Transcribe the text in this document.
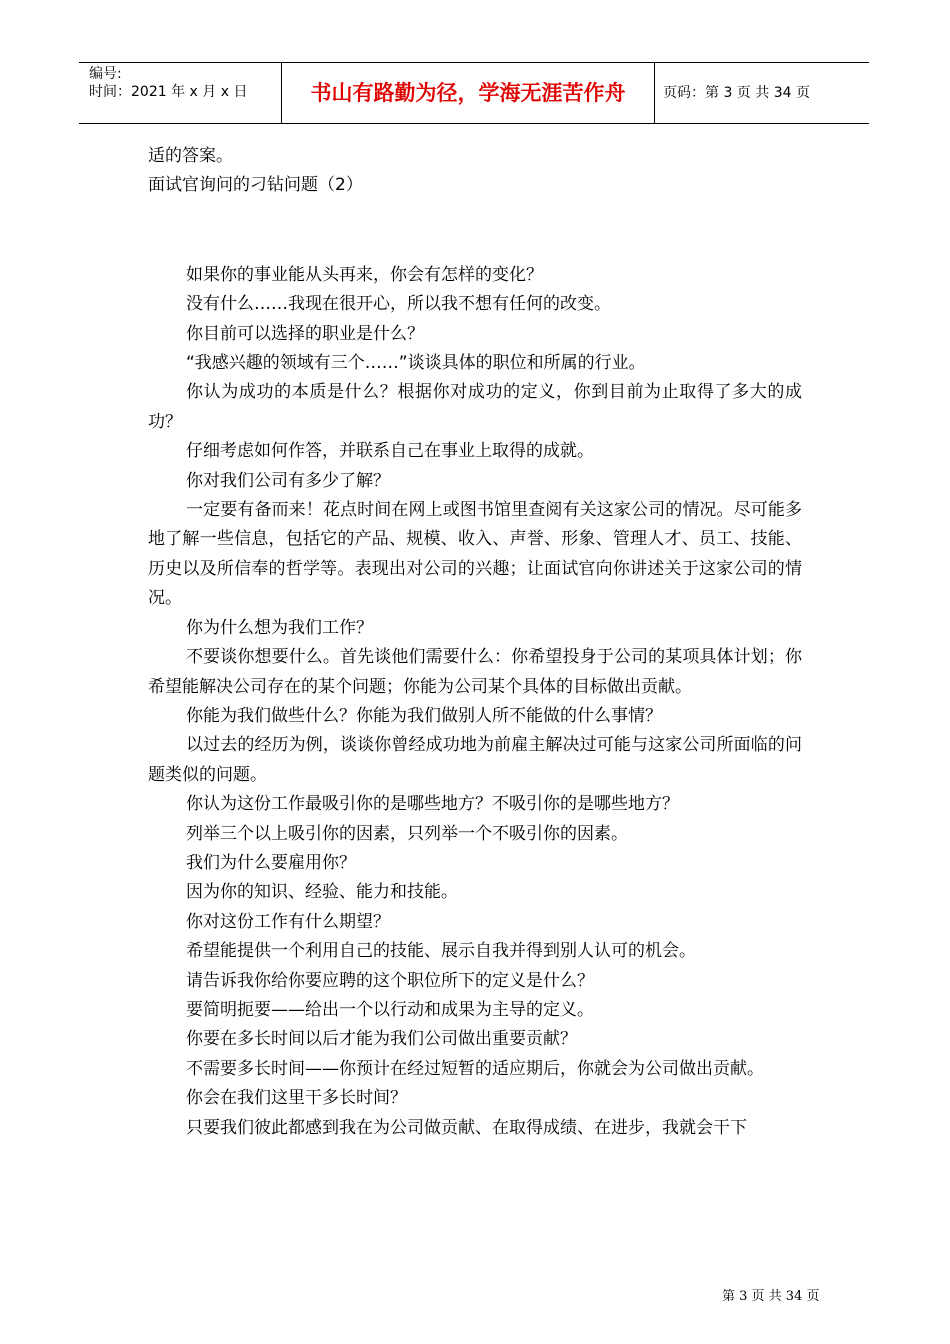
编号:
时间：2021 年 x 月 x 日	书山有路勤为径，学海无涯苦作舟	页码：第 3 页 共 34 页

适的答案。

面试官询问的刁钻问题（2）

如果你的事业能从头再来，你会有怎样的变化？

没有什么……我现在很开心，所以我不想有任何的改变。

你目前可以选择的职业是什么？

“我感兴趣的领域有三个……”谈谈具体的职位和所属的行业。

你认为成功的本质是什么？根据你对成功的定义，你到目前为止取得了多大的成功？

仔细考虑如何作答，并联系自己在事业上取得的成就。

你对我们公司有多少了解？

一定要有备而来！花点时间在网上或图书馆里查阅有关这家公司的情况。尽可能多地了解一些信息，包括它的产品、规模、收入、声誉、形象、管理人才、员工、技能、历史以及所信奉的哲学等。表现出对公司的兴趣；让面试官向你讲述关于这家公司的情况。

你为什么想为我们工作？

不要谈你想要什么。首先谈他们需要什么：你希望投身于公司的某项具体计划；你希望能解决公司存在的某个问题；你能为公司某个具体的目标做出贡献。

你能为我们做些什么？你能为我们做别人所不能做的什么事情？

以过去的经历为例，谈谈你曾经成功地为前雇主解决过可能与这家公司所面临的问题类似的问题。

你认为这份工作最吸引你的是哪些地方？不吸引你的是哪些地方？

列举三个以上吸引你的因素，只列举一个不吸引你的因素。

我们为什么要雇用你？

因为你的知识、经验、能力和技能。

你对这份工作有什么期望？

希望能提供一个利用自己的技能、展示自我并得到别人认可的机会。

请告诉我你给你要应聘的这个职位所下的定义是什么？

要简明扼要——给出一个以行动和成果为主导的定义。

你要在多长时间以后才能为我们公司做出重要贡献？

不需要多长时间——你预计在经过短暂的适应期后，你就会为公司做出贡献。

你会在我们这里干多长时间？

只要我们彼此都感到我在为公司做贡献、在取得成绩、在进步，我就会干下

第 3 页 共 34 页
